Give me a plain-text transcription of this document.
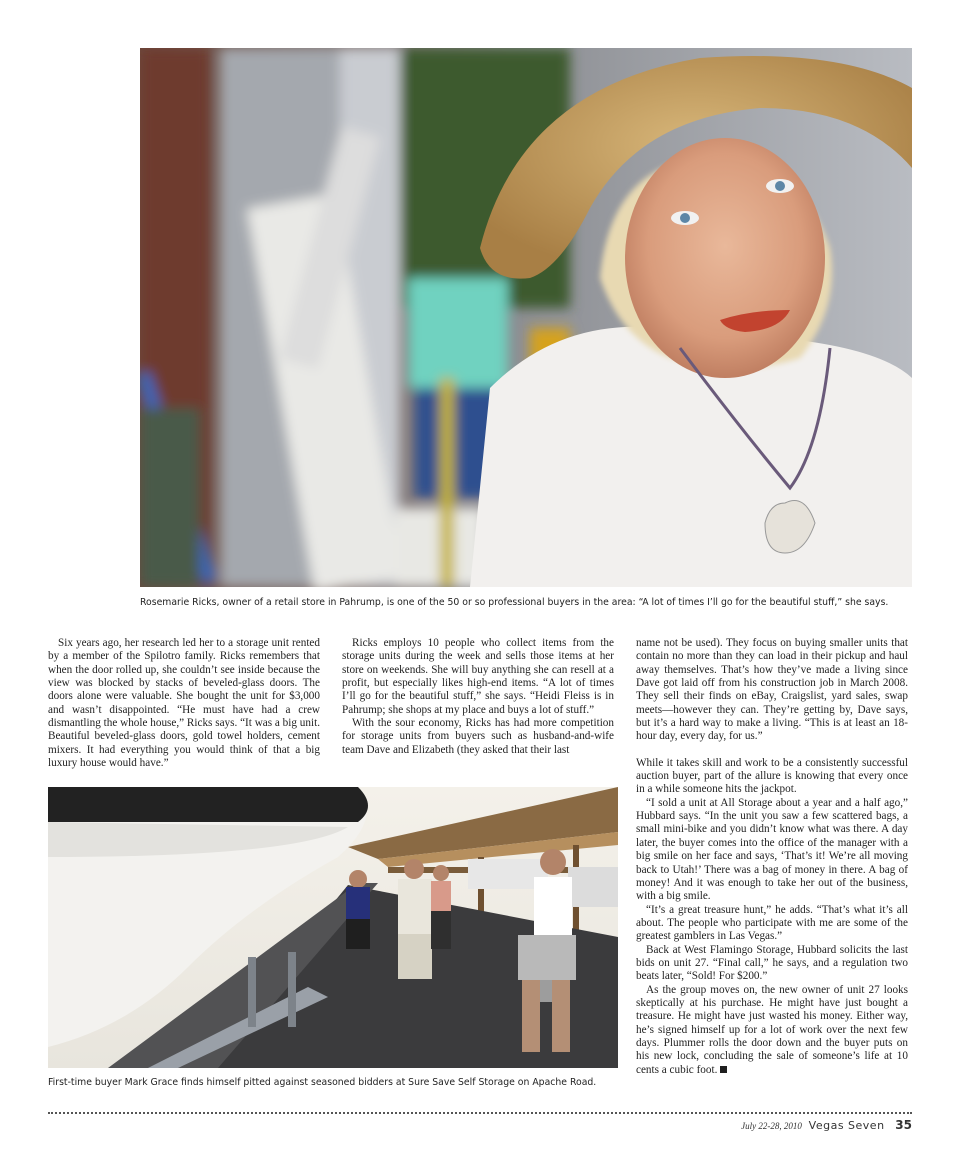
Rosemarie Ricks, owner of a retail store in Pahrump, is one of the 50 or so professional buyers in the area: “A lot of times I’ll go for the beautiful stuff,” she says.

Six years ago, her research led her to a storage unit rented by a member of the Spilotro family. Ricks remembers that when the door rolled up, she couldn’t see inside because the view was blocked by stacks of beveled-glass doors. The doors alone were valuable. She bought the unit for $3,000 and wasn’t disappointed. “He must have had a crew dismantling the whole house,” Ricks says. “It was a big unit. Beautiful beveled-glass doors, gold towel holders, cement mixers. It had everything you would think of that a big luxury house would have.”

Ricks employs 10 people who collect items from the storage units during the week and sells those items at her store on weekends. She will buy anything she can resell at a profit, but especially likes high-end items. “A lot of times I’ll go for the beautiful stuff,” she says. “Heidi Fleiss is in Pahrump; she shops at my place and buys a lot of stuff.”

With the sour economy, Ricks has had more competition for storage units from buyers such as husband-and-wife team Dave and Elizabeth (they asked that their last

name not be used). They focus on buying smaller units that contain no more than they can load in their pickup and haul away themselves. That’s how they’ve made a living since Dave got laid off from his construction job in March 2008. They sell their finds on eBay, Craigslist, yard sales, swap meets—however they can. They’re getting by, Dave says, but it’s a hard way to make a living. “This is at least an 18-hour day, every day, for us.”

While it takes skill and work to be a consistently successful auction buyer, part of the allure is knowing that every once in a while someone hits the jackpot.

“I sold a unit at All Storage about a year and a half ago,” Hubbard says. “In the unit you saw a few scattered bags, a small mini-bike and you didn’t know what was there. A day later, the buyer comes into the office of the manager with a big smile on her face and says, ‘That’s it! We’re all moving back to Utah!’ There was a bag of money in there. A bag of money! And it was enough to take her out of the business, with a big smile.

“It’s a great treasure hunt,” he adds. “That’s what it’s all about. The people who participate with me are some of the greatest gamblers in Las Vegas.”

Back at West Flamingo Storage, Hubbard solicits the last bids on unit 27. “Final call,” he says, and a regulation two beats later, “Sold! For $200.”

As the group moves on, the new owner of unit 27 looks skeptically at his purchase. He might have just bought a treasure. He might have just wasted his money. Either way, he’s signed himself up for a lot of work over the next few days. Plummer rolls the door down and the buyer puts on his new lock, concluding the sale of someone’s life at 10 cents a cubic foot.

First-time buyer Mark Grace finds himself pitted against seasoned bidders at Sure Save Self Storage on Apache Road.
July 22-28, 2010 Vegas Seven 35
